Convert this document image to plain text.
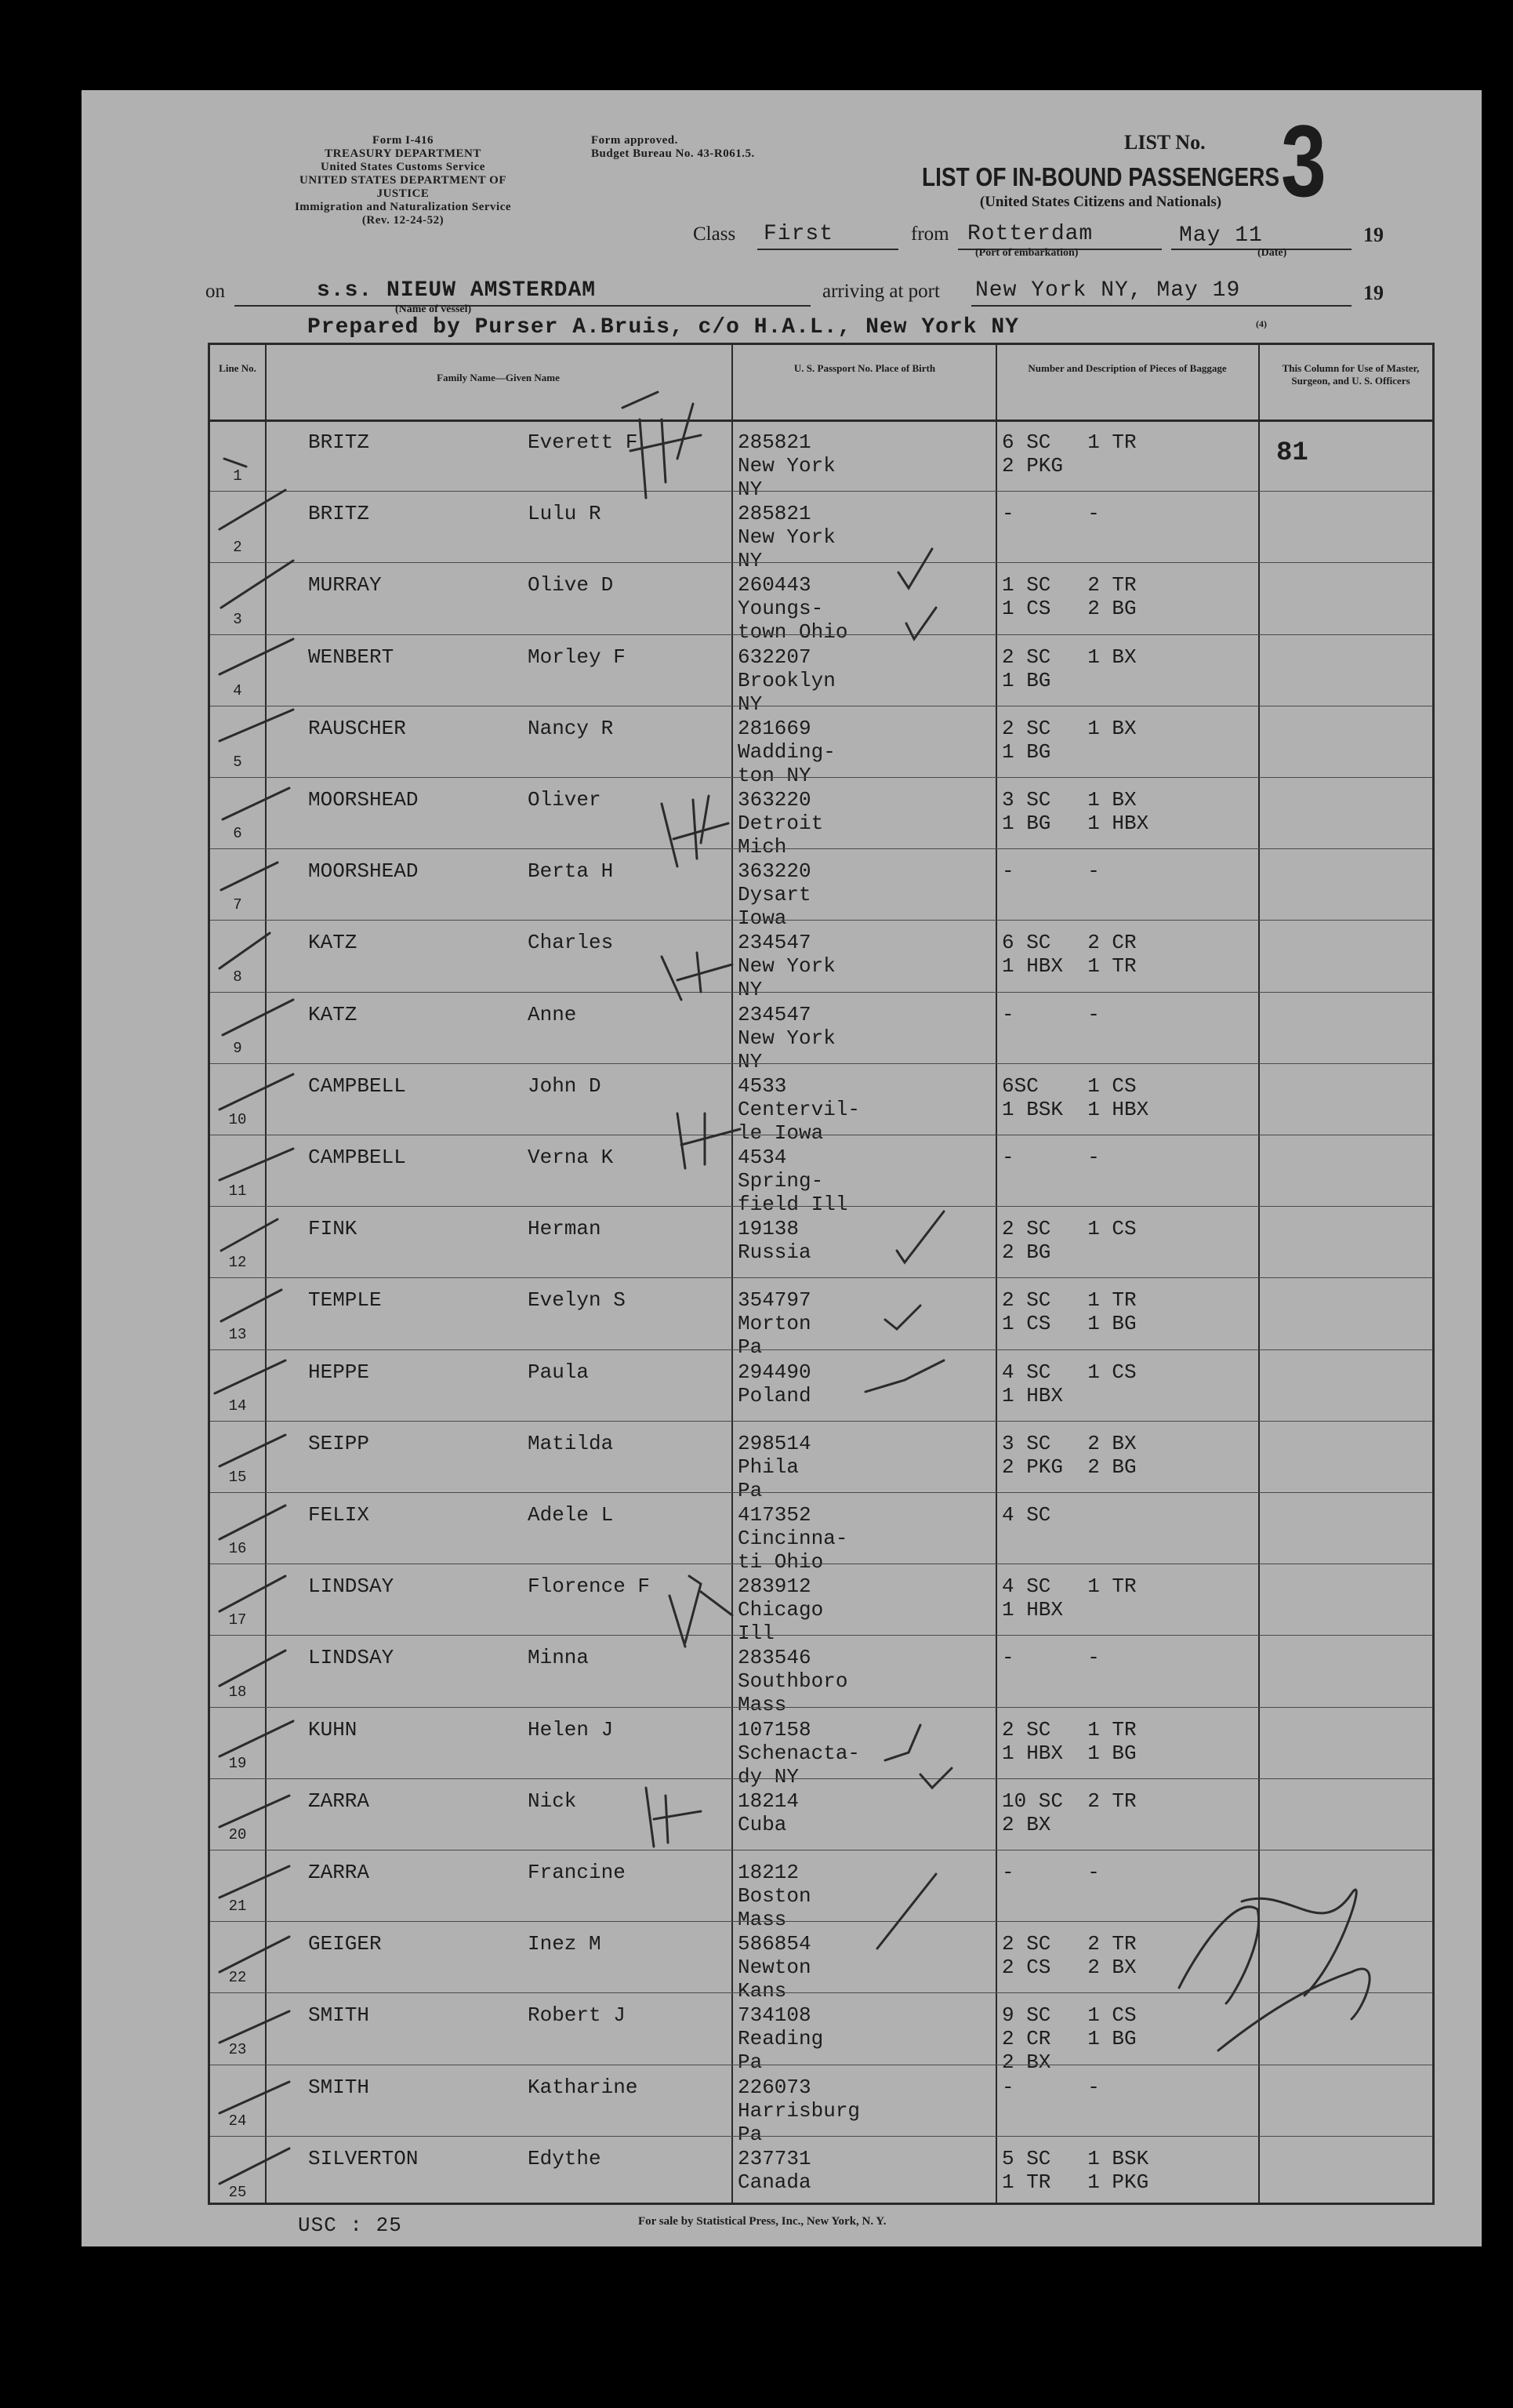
Form I-416
TREASURY DEPARTMENT
United States Customs Service
UNITED STATES DEPARTMENT OF JUSTICE
Immigration and Naturalization Service
(Rev. 12-24-52)
Form approved.
Budget Bureau No. 43-R061.5.	LIST No. 3
LIST OF IN-BOUND PASSENGERS
(United States Citizens and Nationals)
Class First	from Rotterdam
(Port of embarkation)
May 11
(Date)
19
on	s.s. NIEUW AMSTERDAM
(Name of vessel)
arriving at port New York NY, May 19	19
(4)
Prepared by Purser A.Bruis, c/o H.A.L., New York NY
Line No.
Family Name—Given Name
U. S. Passport No. Place of Birth	Number and Description of Pieces of Baggage	This Column for Use of Master, Surgeon, and U. S. Officers
1
BRITZ	Everett F	285821
New York
NY
6 SC   1 TR
2 PKG	81
2
BRITZ	Lulu R	285821
New York
NY
-      -
3
MURRAY	Olive D	260443
Youngs-
town Ohio
1 SC   2 TR
1 CS   2 BG
4
WENBERT	Morley F	632207
Brooklyn
NY
2 SC   1 BX
1 BG
5
RAUSCHER	Nancy R	281669
Wadding-
ton NY
2 SC   1 BX
1 BG
6
MOORSHEAD	Oliver	363220
Detroit
Mich
3 SC   1 BX
1 BG   1 HBX
7
MOORSHEAD	Berta H	363220
Dysart
Iowa
-      -
8
KATZ	Charles	234547
New York
NY
6 SC   2 CR
1 HBX  1 TR
9
KATZ	Anne	234547
New York
NY
-      -
10
CAMPBELL	John D	4533
Centervil-
le Iowa
6SC    1 CS
1 BSK  1 HBX
11
CAMPBELL	Verna K	4534
Spring-
field Ill
-      -
12
FINK	Herman	19138
Russia
2 SC   1 CS
2 BG
13
TEMPLE	Evelyn S	354797
Morton
Pa
2 SC   1 TR
1 CS   1 BG
14
HEPPE	Paula	294490
Poland
4 SC   1 CS
1 HBX
15
SEIPP	Matilda	298514
Phila
Pa
3 SC   2 BX
2 PKG  2 BG
16
FELIX	Adele L	417352
Cincinna-
ti Ohio
4 SC
17
LINDSAY	Florence F	283912
Chicago
Ill
4 SC   1 TR
1 HBX
18
LINDSAY	Minna	283546
Southboro
Mass
-      -
19
KUHN	Helen J	107158
Schenacta-
dy NY
2 SC   1 TR
1 HBX  1 BG
20
ZARRA	Nick	18214
Cuba
10 SC  2 TR
2 BX
21
ZARRA	Francine	18212
Boston
Mass
-      -
22
GEIGER	Inez M	586854
Newton
Kans
2 SC   2 TR
2 CS   2 BX
23
SMITH	Robert J	734108
Reading
Pa
9 SC   1 CS
2 CR   1 BG
2 BX
24
SMITH	Katharine	226073
Harrisburg
Pa
-      -
25
SILVERTON	Edythe	237731
Canada
5 SC   1 BSK
1 TR   1 PKG
USC : 25	For sale by Statistical Press, Inc., New York, N. Y.
